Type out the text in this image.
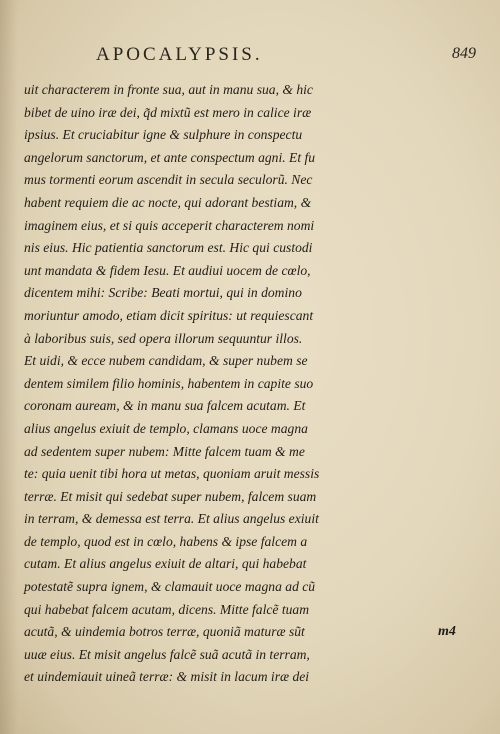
APOCALYPSIS.	849
uit characterem in fronte sua, aut in manu sua, & hic
bibet de uino iræ dei, q̃d mixtũ est mero in calice iræ
ipsius. Et cruciabitur igne & sulphure in conspectu
angelorum sanctorum, et ante conspectum agni. Et fu
mus tormenti eorum ascendit in secula seculorũ. Nec
habent requiem die ac nocte, qui adorant bestiam, &
imaginem eius, et si quis acceperit characterem nomi
nis eius. Hic patientia sanctorum est. Hic qui custodi
unt mandata & fidem Iesu. Et audiui uocem de cœlo,
dicentem mihi: Scribe: Beati mortui, qui in domino
moriuntur amodo, etiam dicit spiritus: ut requiescant
à laboribus suis, sed opera illorum sequuntur illos.
Et uidi, & ecce nubem candidam, & super nubem se
dentem similem filio hominis, habentem in capite suo
coronam auream, & in manu sua falcem acutam. Et
alius angelus exiuit de templo, clamans uoce magna
ad sedentem super nubem: Mitte falcem tuam & me
te: quia uenit tibi hora ut metas, quoniam aruit messis
terræ. Et misit qui sedebat super nubem, falcem suam
in terram, & demessa est terra. Et alius angelus exiuit
de templo, quod est in cœlo, habens & ipse falcem a
cutam. Et alius angelus exiuit de altari, qui habebat
potestatẽ supra ignem, & clamauit uoce magna ad cũ
qui habebat falcem acutam, dicens. Mitte falcẽ tuam
acutã, & uindemia botros terræ, quoniã maturæ sũt
uuæ eius. Et misit angelus falcẽ suã acutã in terram,
et uindemiauit uineã terræ: & misit in lacum iræ dei
m4
